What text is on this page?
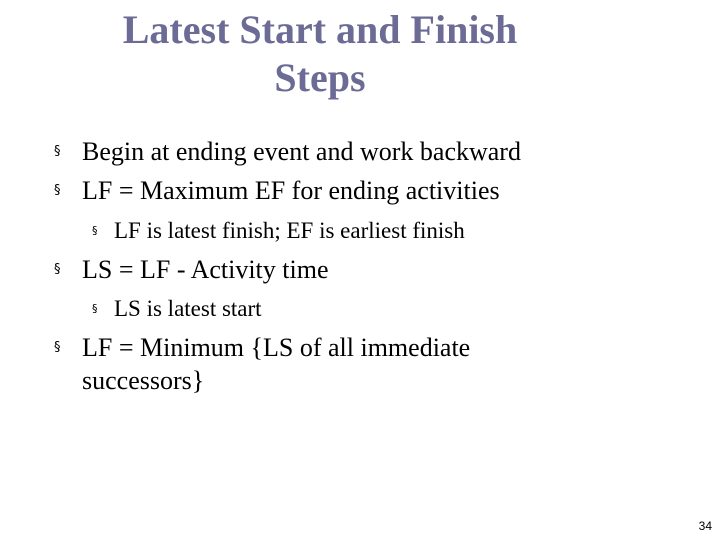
Latest Start and Finish
Steps
§ Begin at ending event and work backward
§ LF = Maximum EF for ending activities
§ LF is latest finish; EF is earliest finish
§ LS = LF - Activity time
§ LS is latest start
§ LF = Minimum {LS of all immediate successors}
34
